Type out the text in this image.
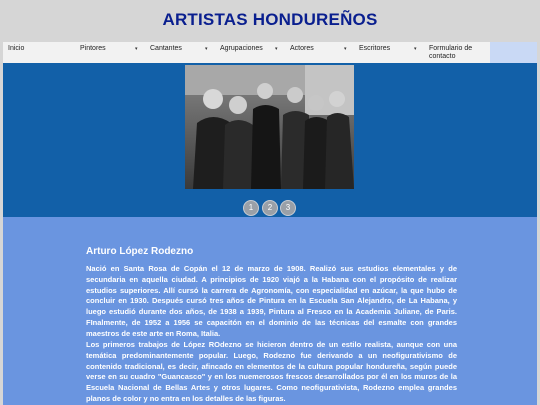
ARTISTAS HONDUREÑOS
Inicio	Pintores	▾	Cantantes	▾	Agrupaciones ▾	Actores	▾	Escritores	▾	Formulario de contacto
1	2	3
Arturo López Rodezno
Nació en Santa Rosa de Copán el 12 de marzo de 1908. Realizó sus estudios elementales y de secundaria en aquella ciudad. A principios de 1920 viajó a la Habana con el propósito de realizar estudios superiores. Allí cursó la carrera de Agronomía, con especialidad en azúcar, la que hubo de concluir en 1930. Después cursó tres años de Pintura en la Escuela San Alejandro, de La Habana, y luego estudió durante dos años, de 1938 a 1939, Pintura al Fresco en la Academia Juliane, de Paris. FInalmente, de 1952 a 1956 se capacitón en el dominio de las técnicas del esmalte con grandes maestros de este arte en Roma, Italia.
Los primeros trabajos de López ROdezno se hicieron dentro de un estilo realista, aunque con una temática predominantemente popular. Luego, Rodezno fue derivando a un neofigurativismo de contenido tradicional, es decir, afincado en elementos de la cultura popular hondureña, según puede verse en su cuadro "Guancasco" y en los nuemerosos frescos desarrollados por él en los muros de la Escuela Nacional de Bellas Artes y otros lugares. Como neofigurativista, Rodezno emplea grandes planos de color y no entra en los detalles de las figuras.
